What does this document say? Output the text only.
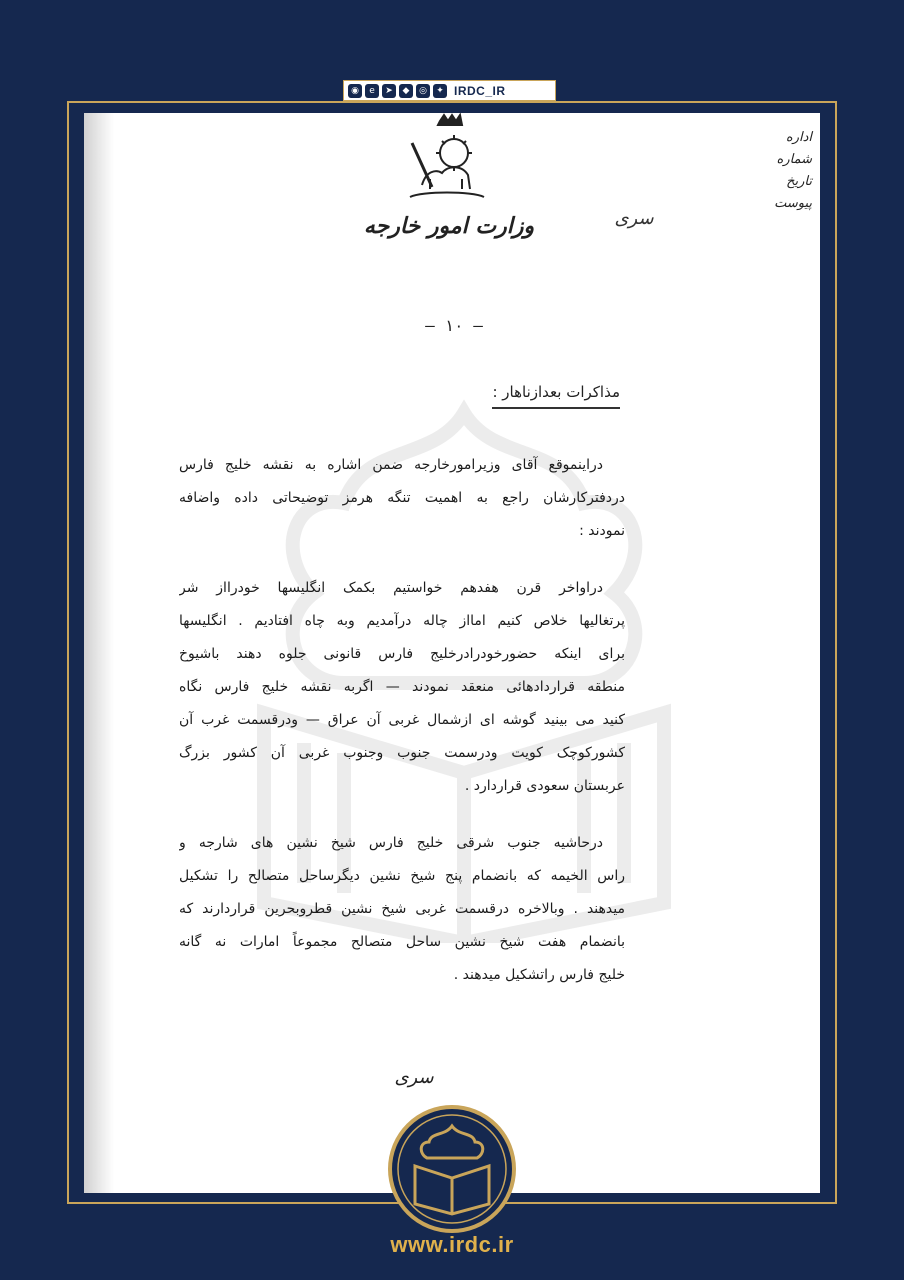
◉	e	➤	◆	◎	✦ IRDC_IR
اداره
شماره
تاریخ
پیوست
وزارت امور خارجه	سری
– ۱۰ –
مذاکرات بعدازناهار :
دراینموقع آقای وزیرامورخارجه ضمن اشاره به نقشه خلیج فارس
دردفترکارشان راجع به اهمیت تنگه هرمز توضیحاتی داده واضافه
نمودند :
دراواخر قرن هفدهم خواستیم بکمک انگلیسها خودرااز شر
پرتغالیها خلاص کنیم امااز چاله درآمدیم وبه چاه افتادیم . انگلیسها
برای اینکه حضورخودرادرخلیج فارس قانونی جلوه دهند باشیوخ
منطقه قراردادهائی منعقد نمودند — اگربه نقشه خلیج فارس نگاه
کنید می بینید گوشه ای ازشمال غربی آن عراق — ودرقسمت غرب آن
کشورکوچک کویت ودرسمت جنوب وجنوب غربی آن کشور بزرگ
عربستان سعودی قراردارد .
درحاشیه جنوب شرقی خلیج فارس شیخ نشین های شارجه و
راس الخیمه که بانضمام پنج شیخ نشین دیگرساحل متصالح را تشکیل
میدهند . وبالاخره درقسمت غربی شیخ نشین قطروبحرین قراردارند که
بانضمام هفت شیخ نشین ساحل متصالح مجموعاً امارات نه گانه
خلیج فارس راتشکیل میدهند .
سری
www.irdc.ir
